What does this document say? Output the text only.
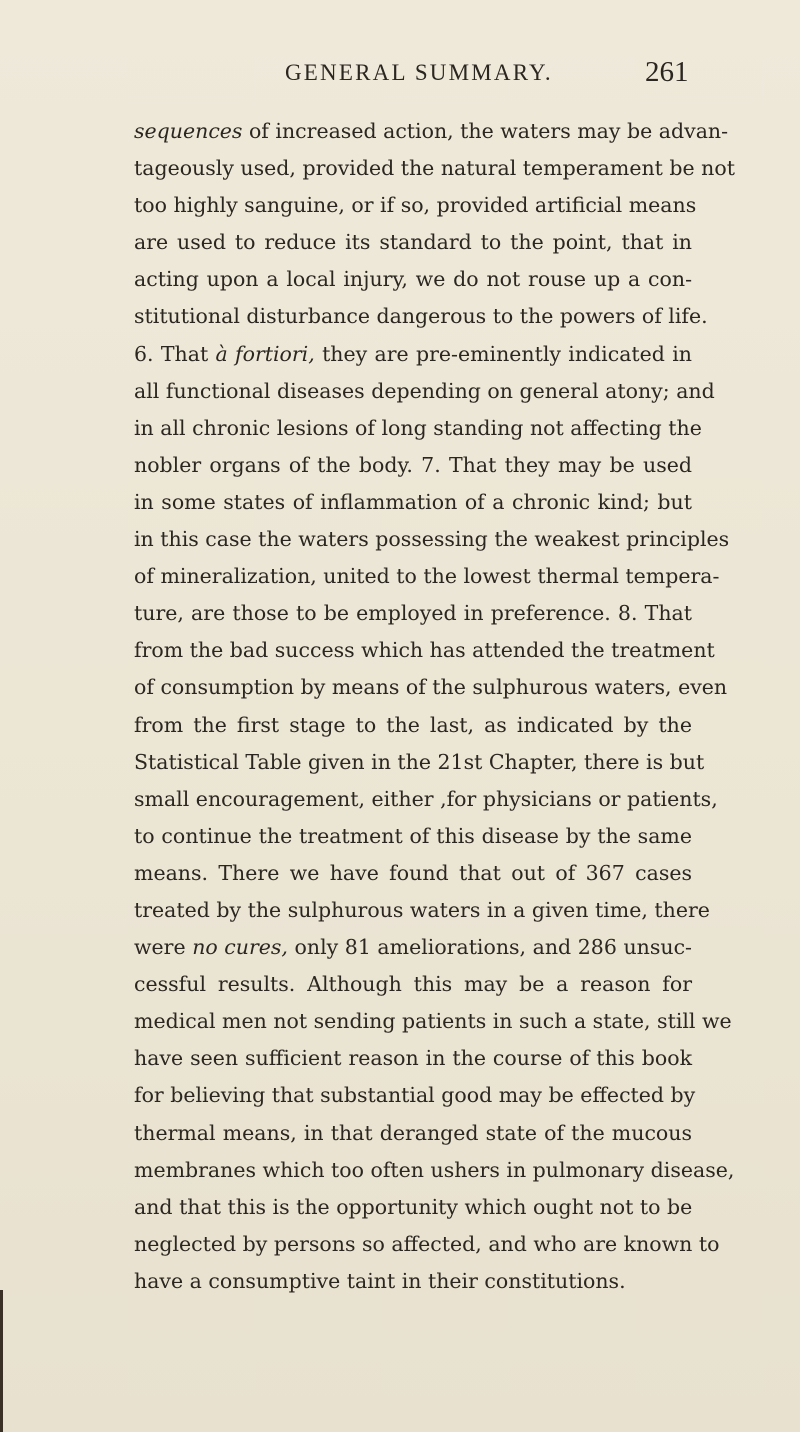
GENERAL SUMMARY.	261
sequences of increased action, the waters may be advan-
tageously used, provided the natural temperament be not
too highly sanguine, or if so, provided artificial means
are used to reduce its standard to the point, that in
acting upon a local injury, we do not rouse up a con-
stitutional disturbance dangerous to the powers of life.
6. That à fortiori, they are pre-eminently indicated in
all functional diseases depending on general atony; and
in all chronic lesions of long standing not affecting the
nobler organs of the body. 7. That they may be used
in some states of inflammation of a chronic kind; but
in this case the waters possessing the weakest principles
of mineralization, united to the lowest thermal tempera-
ture, are those to be employed in preference. 8. That
from the bad success which has attended the treatment
of consumption by means of the sulphurous waters, even
from the first stage to the last, as indicated by the
Statistical Table given in the 21st Chapter, there is but
small encouragement, either ,for physicians or patients,
to continue the treatment of this disease by the same
means. There we have found that out of 367 cases
treated by the sulphurous waters in a given time, there
were no cures, only 81 ameliorations, and 286 unsuc-
cessful results. Although this may be a reason for
medical men not sending patients in such a state, still we
have seen sufficient reason in the course of this book
for believing that substantial good may be effected by
thermal means, in that deranged state of the mucous
membranes which too often ushers in pulmonary disease,
and that this is the opportunity which ought not to be
neglected by persons so affected, and who are known to
have a consumptive taint in their constitutions.
